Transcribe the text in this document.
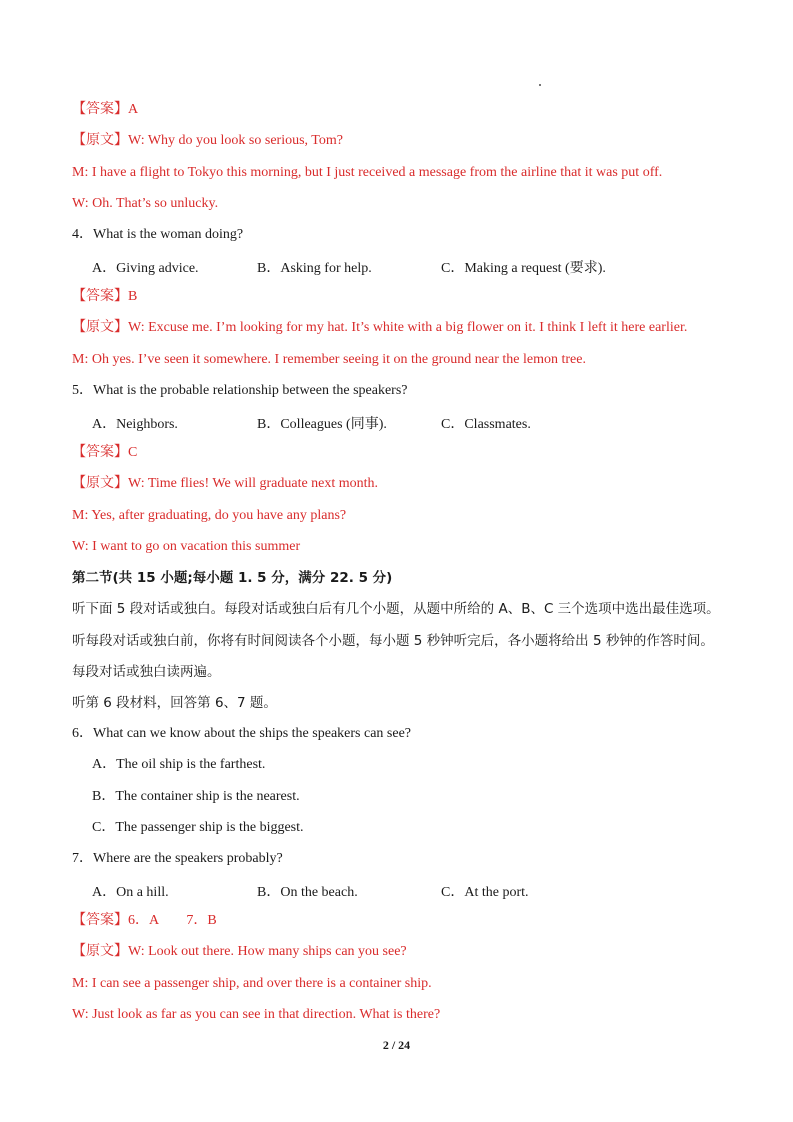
【答案】A
【原文】W: Why do you look so serious, Tom?
M: I have a flight to Tokyo this morning, but I just received a message from the airline that it was put off.
W: Oh. That’s so unlucky.
4．What is the woman doing?
A．Giving advice.	B．Asking for help.	C．Making a request (要求).
【答案】B
【原文】W: Excuse me. I’m looking for my hat. It’s white with a big flower on it. I think I left it here earlier.
M: Oh yes. I’ve seen it somewhere. I remember seeing it on the ground near the lemon tree.
5．What is the probable relationship between the speakers?
A．Neighbors.	B．Colleagues (同事).	C．Classmates.
【答案】C
【原文】W: Time flies! We will graduate next month.
M: Yes, after graduating, do you have any plans?
W: I want to go on vacation this summer
第二节(共 15 小题;每小题 1. 5 分，满分 22. 5 分)
听下面 5 段对话或独白。每段对话或独白后有几个小题，从题中所给的 A、B、C 三个选项中选出最佳选项。
听每段对话或独白前，你将有时间阅读各个小题，每小题 5 秒钟听完后，各小题将给出 5 秒钟的作答时间。
每段对话或独白读两遍。
听第 6 段材料，回答第 6、7 题。
6．What can we know about the ships the speakers can see?
A．The oil ship is the farthest.
B．The container ship is the nearest.
C．The passenger ship is the biggest.
7．Where are the speakers probably?
A．On a hill.	B．On the beach.	C．At the port.
【答案】6．A　　7．B
【原文】W: Look out there. How many ships can you see?
M: I can see a passenger ship, and over there is a container ship.
W: Just look as far as you can see in that direction. What is there?
2 / 24
